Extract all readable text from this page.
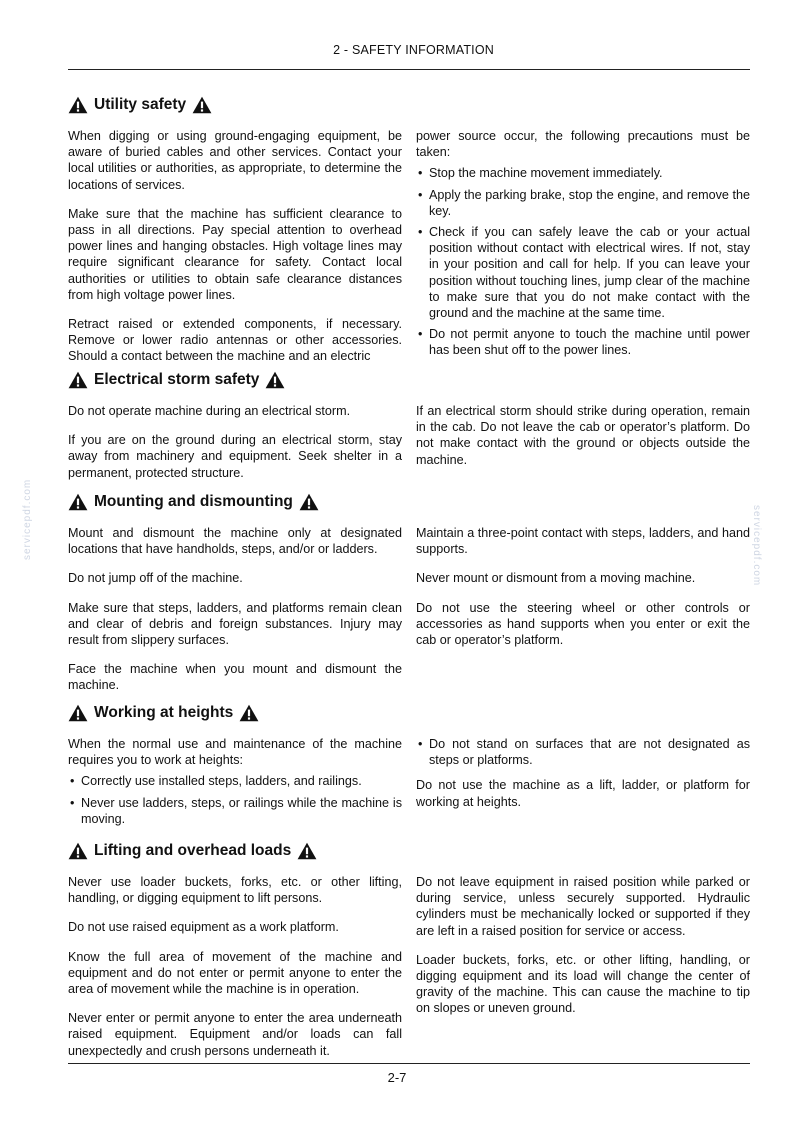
2 - SAFETY INFORMATION
2-7
servicepdf.com	servicepdf.com
Utility safety

When digging or using ground-engaging equipment, be aware of buried cables and other services. Contact your local utilities or authorities, as appropriate, to determine the locations of services.

Make sure that the machine has sufficient clearance to pass in all directions. Pay special attention to overhead power lines and hanging obstacles. High voltage lines may require significant clearance for safety. Contact local authorities or utilities to obtain safe clearance distances from high voltage power lines.

Retract raised or extended components, if necessary. Remove or lower radio antennas or other accessories. Should a contact between the machine and an electric

power source occur, the following precautions must be taken:

• Stop the machine movement immediately.
• Apply the parking brake, stop the engine, and remove the key.
• Check if you can safely leave the cab or your actual position without contact with electrical wires. If not, stay in your position and call for help. If you can leave your position without touching lines, jump clear of the machine to make sure that you do not make contact with the ground and the machine at the same time.
• Do not permit anyone to touch the machine until power has been shut off to the power lines.
Electrical storm safety

Do not operate machine during an electrical storm.

If you are on the ground during an electrical storm, stay away from machinery and equipment. Seek shelter in a permanent, protected structure.

If an electrical storm should strike during operation, remain in the cab. Do not leave the cab or operator’s platform. Do not make contact with the ground or objects outside the machine.

Mounting and dismounting

Mount and dismount the machine only at designated locations that have handholds, steps, and/or or ladders.

Do not jump off of the machine.

Make sure that steps, ladders, and platforms remain clean and clear of debris and foreign substances. Injury may result from slippery surfaces.

Face the machine when you mount and dismount the machine.

Maintain a three-point contact with steps, ladders, and hand supports.

Never mount or dismount from a moving machine.

Do not use the steering wheel or other controls or accessories as hand supports when you enter or exit the cab or operator’s platform.

Working at heights

When the normal use and maintenance of the machine requires you to work at heights:

• Correctly use installed steps, ladders, and railings.
• Never use ladders, steps, or railings while the machine is moving.
• Do not stand on surfaces that are not designated as steps or platforms.

Do not use the machine as a lift, ladder, or platform for working at heights.

Lifting and overhead loads

Never use loader buckets, forks, etc. or other lifting, handling, or digging equipment to lift persons.

Do not use raised equipment as a work platform.

Know the full area of movement of the machine and equipment and do not enter or permit anyone to enter the area of movement while the machine is in operation.

Never enter or permit anyone to enter the area underneath raised equipment. Equipment and/or loads can fall unexpectedly and crush persons underneath it.

Do not leave equipment in raised position while parked or during service, unless securely supported. Hydraulic cylinders must be mechanically locked or supported if they are left in a raised position for service or access.

Loader buckets, forks, etc. or other lifting, handling, or digging equipment and its load will change the center of gravity of the machine. This can cause the machine to tip on slopes or uneven ground.
